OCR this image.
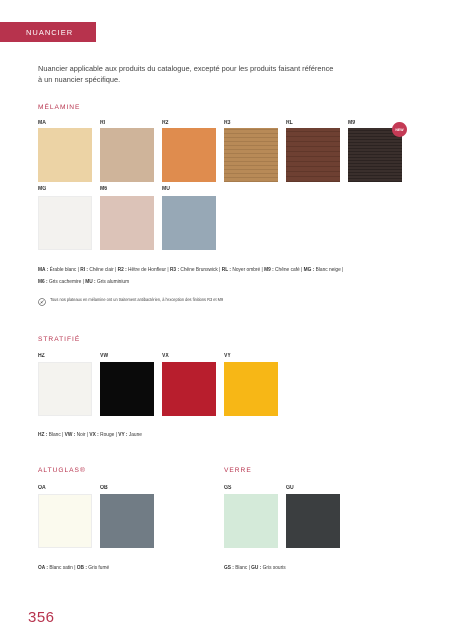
NUANCIER
Nuancier applicable aux produits du catalogue, excepté pour les produits faisant référence
à un nuancier spécifique.
MÉLAMINE
MA	RI	R2	R3	RL	M9
NEW
MG	M6	MU
MA : Érable blanc | RI : Chêne clair | R2 : Hêtre de Honfleur | R3 : Chêne Brunswick | RL : Noyer ombré | M9 : Chêne café | MG : Blanc neige |
M6 : Gris cachemire | MU : Gris aluminium
Tous nos plateaux en mélamine ont un traitement antibactérien, à l'exception des finitions R3 et M9
STRATIFIÉ
HZ	VW	VX	VY
HZ : Blanc | VW : Noir | VX : Rouge | VY : Jaune
ALTUGLAS®
OA	OB
OA : Blanc satin | OB : Gris fumé
VERRE
GS	GU
GS : Blanc | GU : Gris souris
356
